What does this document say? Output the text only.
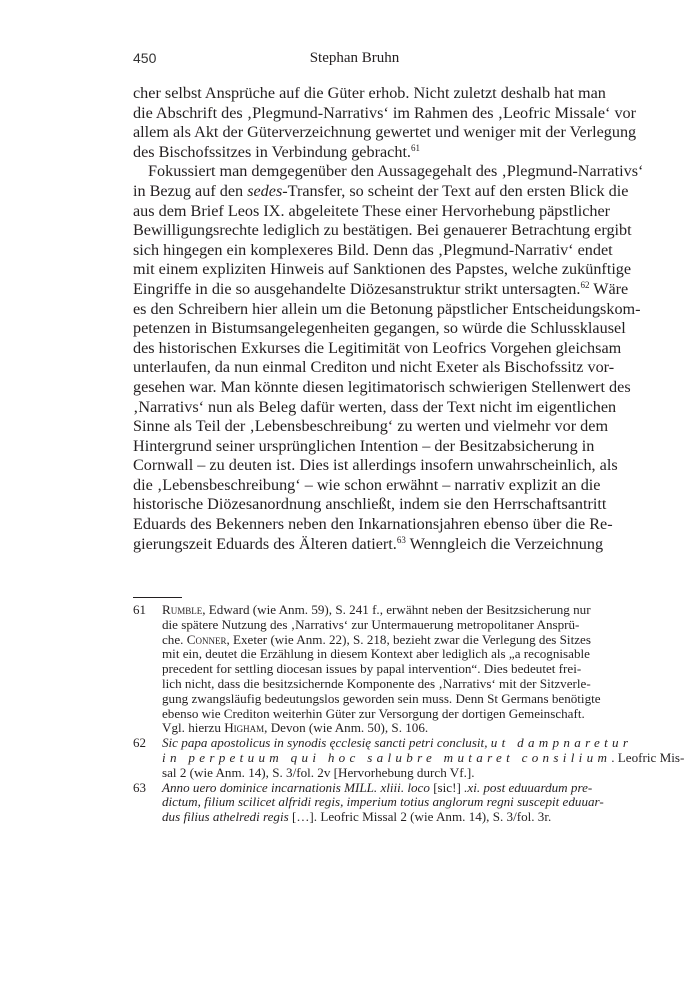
450	Stephan Bruhn
cher selbst Ansprüche auf die Güter erhob. Nicht zuletzt deshalb hat man
die Abschrift des ‚Plegmund-Narrativs‘ im Rahmen des ‚Leofric Missale‘ vor
allem als Akt der Güterverzeichnung gewertet und weniger mit der Verlegung
des Bischofssitzes in Verbindung gebracht.$^{61}$
Fokussiert man demgegenüber den Aussagegehalt des ‚Plegmund-Narrativs‘
in Bezug auf den sedes-Transfer, so scheint der Text auf den ersten Blick die
aus dem Brief Leos IX. abgeleitete These einer Hervorhebung päpstlicher
Bewilligungsrechte lediglich zu bestätigen. Bei genauerer Betrachtung ergibt
sich hingegen ein komplexeres Bild. Denn das ‚Plegmund-Narrativ‘ endet
mit einem expliziten Hinweis auf Sanktionen des Papstes, welche zukünftige
Eingriffe in die so ausgehandelte Diözesanstruktur strikt untersagten.$^{62}$ Wäre
es den Schreibern hier allein um die Betonung päpstlicher Entscheidungskom-
petenzen in Bistumsangelegenheiten gegangen, so würde die Schlussklausel
des historischen Exkurses die Legitimität von Leofrics Vorgehen gleichsam
unterlaufen, da nun einmal Crediton und nicht Exeter als Bischofssitz vor-
gesehen war. Man könnte diesen legitimatorisch schwierigen Stellenwert des
‚Narrativs‘ nun als Beleg dafür werten, dass der Text nicht im eigentlichen
Sinne als Teil der ‚Lebensbeschreibung‘ zu werten und vielmehr vor dem
Hintergrund seiner ursprünglichen Intention – der Besitzabsicherung in
Cornwall – zu deuten ist. Dies ist allerdings insofern unwahrscheinlich, als
die ‚Lebensbeschreibung‘ – wie schon erwähnt – narrativ explizit an die
historische Diözesanordnung anschließt, indem sie den Herrschaftsantritt
Eduards des Bekenners neben den Inkarnationsjahren ebenso über die Re-
gierungszeit Eduards des Älteren datiert.$^{63}$ Wenngleich die Verzeichnung
61 Rumble, Edward (wie Anm. 59), S. 241 f., erwähnt neben der Besitzsicherung nur
die spätere Nutzung des ‚Narrativs‘ zur Untermauerung metropolitaner Ansprü-
che. Conner, Exeter (wie Anm. 22), S. 218, bezieht zwar die Verlegung des Sitzes
mit ein, deutet die Erzählung in diesem Kontext aber lediglich als „a recognisable
precedent for settling diocesan issues by papal intervention“. Dies bedeutet frei-
lich nicht, dass die besitzsichernde Komponente des ‚Narrativs‘ mit der Sitzverle-
gung zwangsläufig bedeutungslos geworden sein muss. Denn St Germans benötigte
ebenso wie Crediton weiterhin Güter zur Versorgung der dortigen Gemeinschaft.
Vgl. hierzu Higham, Devon (wie Anm. 50), S. 106.
62 Sic papa apostolicus in synodis ęcclesię sancti petri conclusit, ut dampnaretur
in perpetuum qui hoc salubre mutaret consilium. Leofric Mis-
sal 2 (wie Anm. 14), S. 3/fol. 2v [Hervorhebung durch Vf.].
63 Anno uero dominice incarnationis MILL. xliii. loco [sic!] .xi. post eduuardum pre-
dictum, filium scilicet alfridi regis, imperium totius anglorum regni suscepit eduuar-
dus filius athelredi regis […]. Leofric Missal 2 (wie Anm. 14), S. 3/fol. 3r.
